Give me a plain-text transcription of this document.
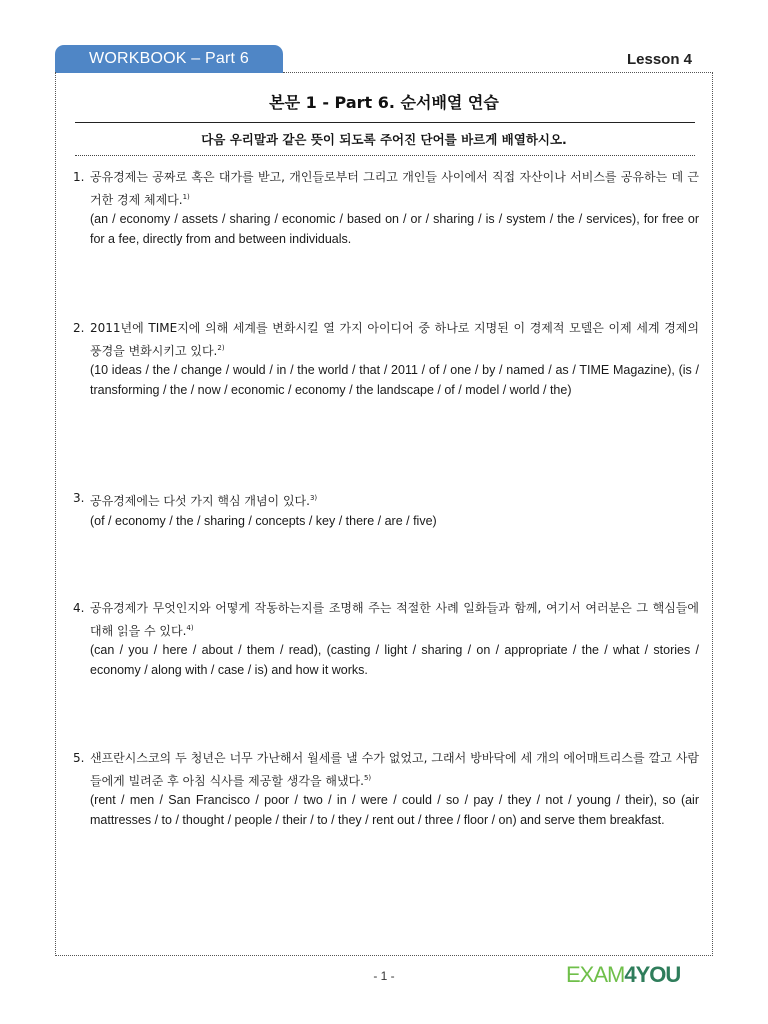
WORKBOOK – Part 6	Lesson 4
본문 1 - Part 6. 순서배열 연습
다음 우리말과 같은 뜻이 되도록 주어진 단어를 바르게 배열하시오.
1. 공유경제는 공짜로 혹은 대가를 받고, 개인들로부터 그리고 개인들 사이에서 직접 자산이나 서비스를 공유하는 데 근거한 경제 체제다.$^{1)}$
(an / economy / assets / sharing / economic / based on / or / sharing / is / system / the / services), for free or for a fee, directly from and between individuals.
2. 2011년에 TIME지에 의해 세계를 변화시킬 열 가지 아이디어 중 하나로 지명된 이 경제적 모델은 이제 세계 경제의 풍경을 변화시키고 있다.$^{2)}$
(10 ideas / the / change / would / in / the world / that / 2011 / of / one / by / named / as / TIME Magazine), (is / transforming / the / now / economic / economy / the landscape / of / model / world / the)
3. 공유경제에는 다섯 가지 핵심 개념이 있다.$^{3)}$
(of / economy / the / sharing / concepts / key / there / are / five)
4. 공유경제가 무엇인지와 어떻게 작동하는지를 조명해 주는 적절한 사례 일화들과 함께, 여기서 여러분은 그 핵심들에 대해 읽을 수 있다.$^{4)}$
(can / you / here / about / them / read), (casting / light / sharing / on / appropriate / the / what / stories / economy / along with / case / is) and how it works.
5. 샌프란시스코의 두 청년은 너무 가난해서 월세를 낼 수가 없었고, 그래서 방바닥에 세 개의 에어매트리스를 깔고 사람들에게 빌려준 후 아침 식사를 제공할 생각을 해냈다.$^{5)}$
(rent / men / San Francisco / poor / two / in / were / could / so / pay / they / not / young / their), so (air mattresses / to / thought / people / their / to / they / rent out / three / floor / on) and serve them breakfast.
- 1 -	EXAM4YOU
